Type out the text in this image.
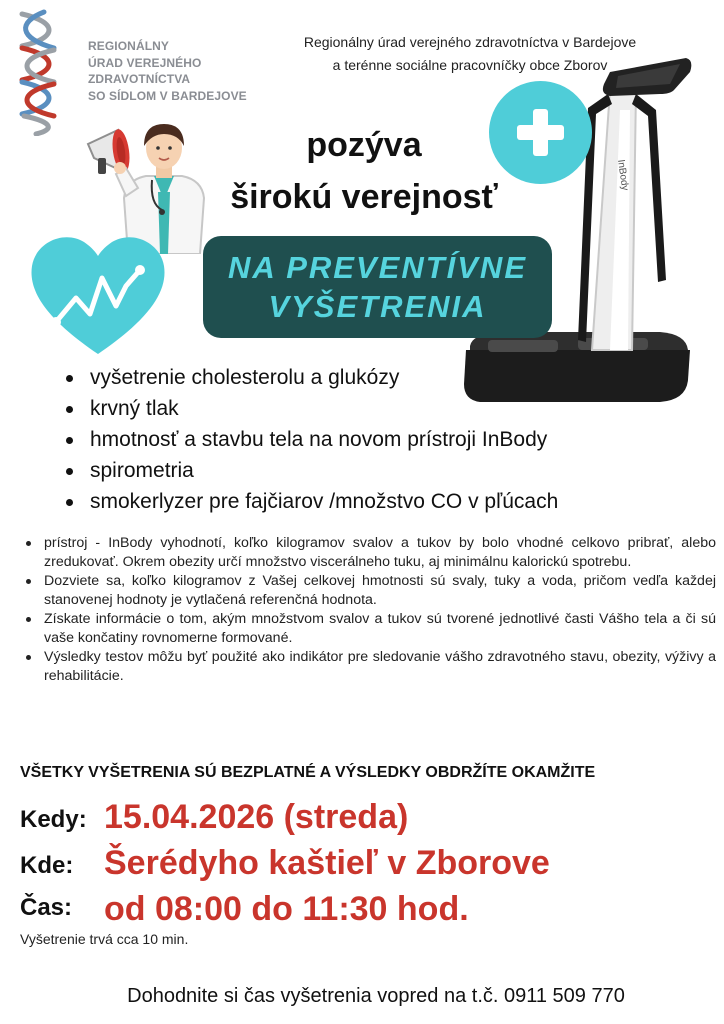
REGIONÁLNY
ÚRAD VEREJNÉHO
ZDRAVOTNÍCTVA
SO SÍDLOM V BARDEJOVE
Regionálny úrad verejného zdravotníctva v Bardejove
a terénne sociálne pracovníčky obce Zborov
InBody
pozýva
širokú verejnosť
NA PREVENTÍVNE
VYŠETRENIA
vyšetrenie cholesterolu a glukózy
krvný tlak
hmotnosť a stavbu tela na novom prístroji InBody
spirometria
smokerlyzer pre fajčiarov /množstvo CO v pľúcach
prístroj - InBody vyhodnotí, koľko kilogramov svalov a tukov by bolo vhodné celkovo pribrať, alebo zredukovať. Okrem obezity určí množstvo viscerálneho tuku, aj minimálnu kalorickú spotrebu.
Dozviete sa, koľko kilogramov z Vašej celkovej hmotnosti sú svaly, tuky a voda, pričom vedľa každej stanovenej hodnoty je vytlačená referenčná hodnota.
Získate informácie o tom, akým množstvom svalov a tukov sú tvorené jednotlivé časti Vášho tela a či sú vaše končatiny rovnomerne formované.
Výsledky testov môžu byť použité ako indikátor pre sledovanie vášho zdravotného stavu, obezity, výživy a rehabilitácie.
VŠETKY VYŠETRENIA SÚ BEZPLATNÉ A VÝSLEDKY OBDRŽÍTE OKAMŽITE
Kedy: 15.04.2026 (streda)
Kde: Šerédyho kaštieľ v Zborove
Čas: od 08:00 do 11:30 hod.
Vyšetrenie trvá cca 10 min.
Dohodnite si čas vyšetrenia vopred na t.č. 0911 509 770
